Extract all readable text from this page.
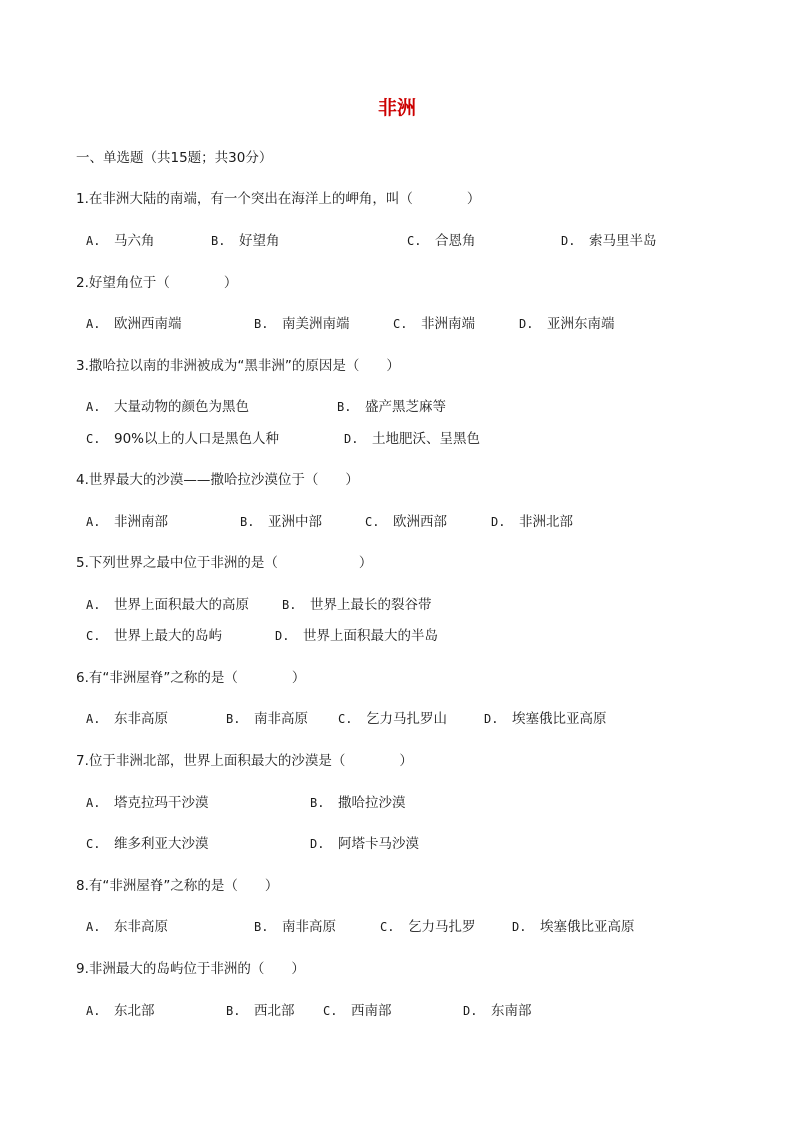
非洲
一、单选题（共15题；共30分）
1.在非洲大陆的南端，有一个突出在海洋上的岬角，叫（　　　　）
A. 马六角	B. 好望角	C. 合恩角	D. 索马里半岛
2.好望角位于（　　　　）
A. 欧洲西南端	B. 南美洲南端	C. 非洲南端	D. 亚洲东南端
3.撒哈拉以南的非洲被成为“黑非洲”的原因是（　　）
A. 大量动物的颜色为黑色	B. 盛产黑芝麻等
C. 90%以上的人口是黑色人种	D. 土地肥沃、呈黑色
4.世界最大的沙漠——撒哈拉沙漠位于（　　）
A. 非洲南部	B. 亚洲中部	C. 欧洲西部	D. 非洲北部
5.下列世界之最中位于非洲的是（　　　　　　）
A. 世界上面积最大的高原	B. 世界上最长的裂谷带
C. 世界上最大的岛屿	D. 世界上面积最大的半岛
6.有“非洲屋脊”之称的是（　　　　）
A. 东非高原	B. 南非高原	C. 乞力马扎罗山	D. 埃塞俄比亚高原
7.位于非洲北部，世界上面积最大的沙漠是（　　　　）
A. 塔克拉玛干沙漠	B. 撒哈拉沙漠
C. 维多利亚大沙漠	D. 阿塔卡马沙漠
8.有“非洲屋脊”之称的是（　　）
A. 东非高原	B. 南非高原	C. 乞力马扎罗	D. 埃塞俄比亚高原
9.非洲最大的岛屿位于非洲的（　　）
A. 东北部	B. 西北部 C. 西南部	D. 东南部
